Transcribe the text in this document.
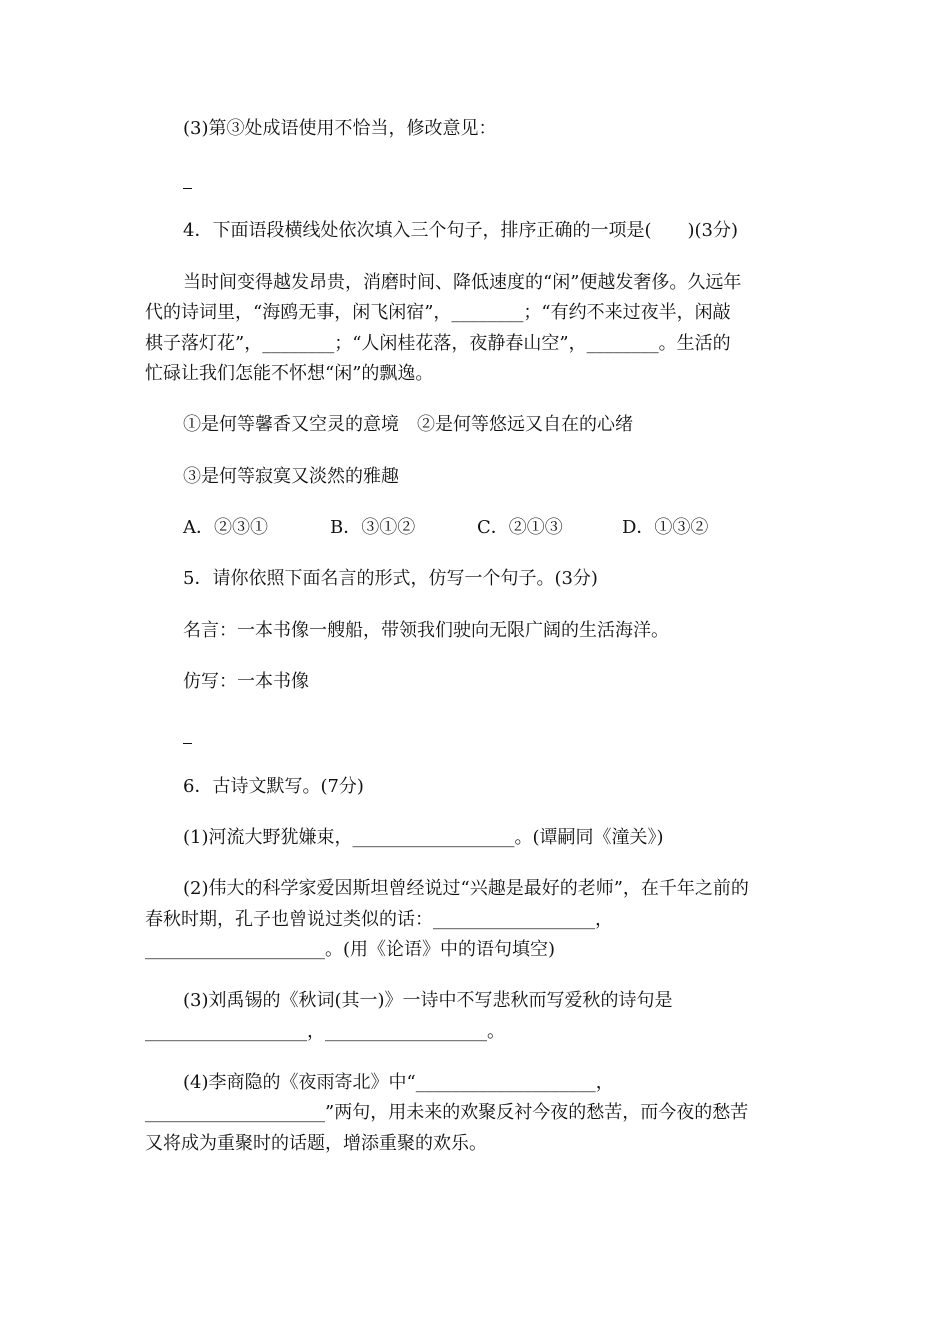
(3)第③处成语使用不恰当，修改意见：
4．下面语段横线处依次填入三个句子，排序正确的一项是(　　)(3分)
当时间变得越发昂贵，消磨时间、降低速度的“闲”便越发奢侈。久远年
代的诗词里，“海鸥无事，闲飞闲宿”，________；“有约不来过夜半，闲敲
棋子落灯花”，________；“人闲桂花落，夜静春山空”，________。生活的
忙碌让我们怎能不怀想“闲”的飘逸。
①是何等馨香又空灵的意境　②是何等悠远又自在的心绪
③是何等寂寞又淡然的雅趣
A．②③①	B．③①②	C．②①③	D．①③②
5．请你依照下面名言的形式，仿写一个句子。(3分)
名言：一本书像一艘船，带领我们驶向无限广阔的生活海洋。
仿写：一本书像
6．古诗文默写。(7分)
(1)河流大野犹嫌束，__________________。(谭嗣同《潼关》)
(2)伟大的科学家爱因斯坦曾经说过“兴趣是最好的老师”，在千年之前的
春秋时期，孔子也曾说过类似的话：__________________，
____________________。(用《论语》中的语句填空)
(3)刘禹锡的《秋词(其一)》一诗中不写悲秋而写爱秋的诗句是
__________________，__________________。
(4)李商隐的《夜雨寄北》中“____________________，
____________________”两句，用未来的欢聚反衬今夜的愁苦，而今夜的愁苦
又将成为重聚时的话题，增添重聚的欢乐。
